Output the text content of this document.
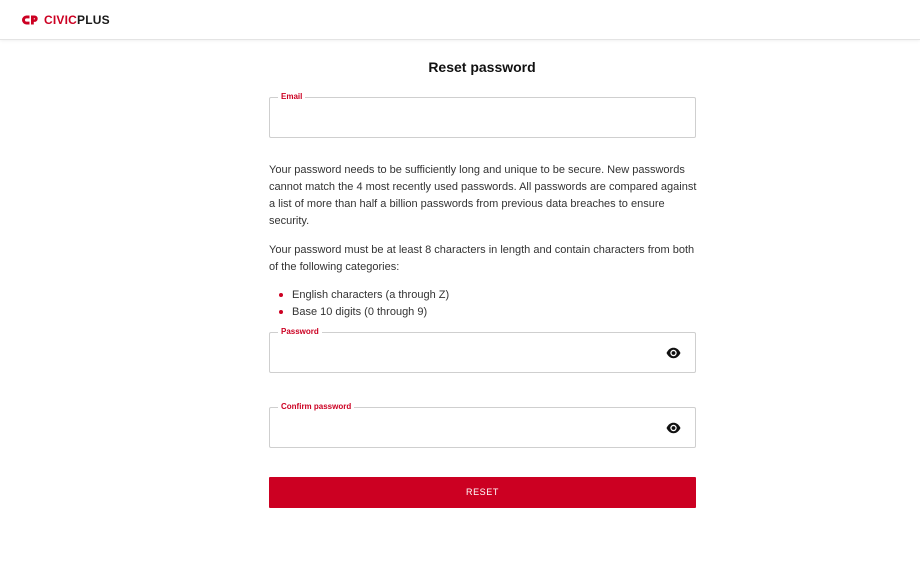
CIVICPLUS
Reset password
Email

Your password needs to be sufficiently long and unique to be secure. New passwords cannot match the 4 most recently used passwords. All passwords are compared against a list of more than half a billion passwords from previous data breaches to ensure security.

Your password must be at least 8 characters in length and contain characters from both of the following categories:

English characters (a through Z)
Base 10 digits (0 through 9)
Password
Confirm password
RESET
